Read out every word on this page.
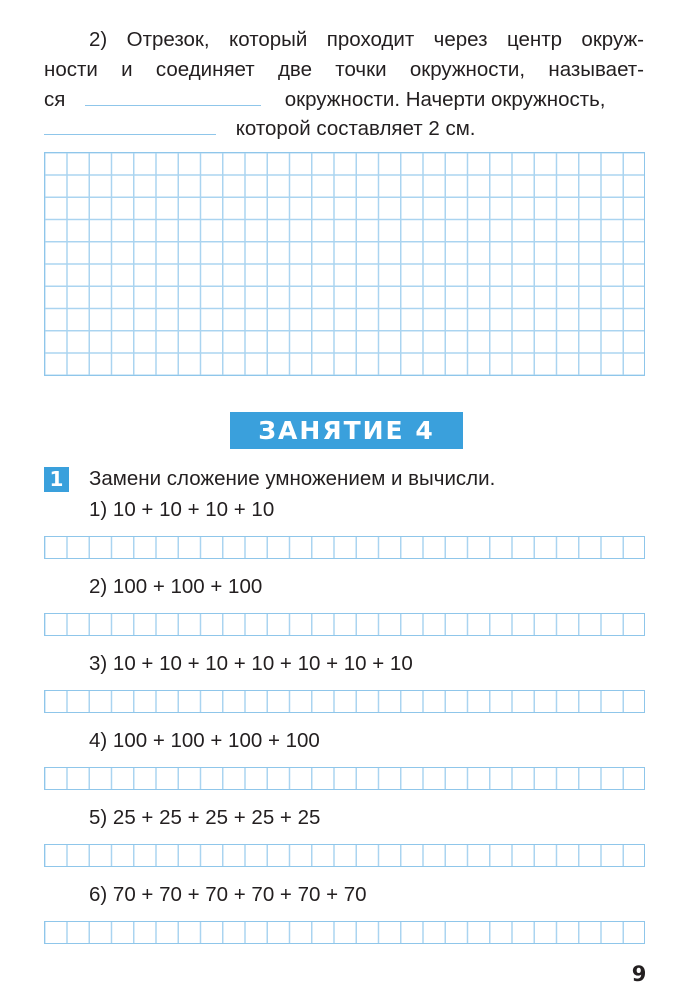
2) Отрезок, который проходит через центр окруж-
ности и соединяет две точки окружности, называет-
ся	окружности. Начерти окружность,
которой составляет 2 см.
ЗАНЯТИЕ 4
1 Замени сложение умножением и вычисли.
1) 10 + 10 + 10 + 10
2) 100 + 100 + 100
3) 10 + 10 + 10 + 10 + 10 + 10 + 10
4) 100 + 100 + 100 + 100
5) 25 + 25 + 25 + 25 + 25
6) 70 + 70 + 70 + 70 + 70 + 70
9
